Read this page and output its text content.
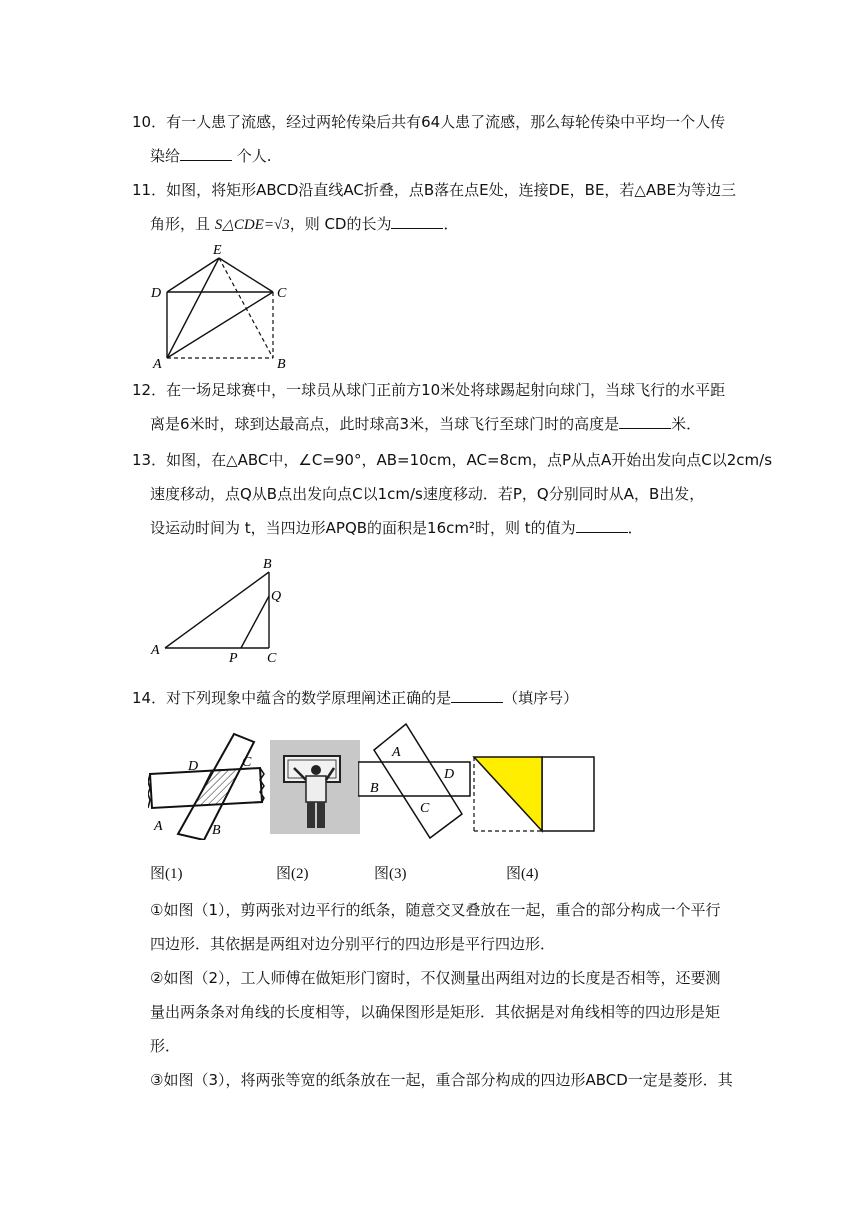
10．有一人患了流感，经过两轮传染后共有64人患了流感，那么每轮传染中平均一个人传
染给	个人.
11．如图，将矩形ABCD沿直线AC折叠，点B落在点E处，连接DE，BE，若△ABE为等边三
角形，且 S△CDE=√3，则 CD的长为	．
E
D	C
A	B
12．在一场足球赛中，一球员从球门正前方10米处将球踢起射向球门，当球飞行的水平距
离是6米时，球到达最高点，此时球高3米，当球飞行至球门时的高度是	米．
13．如图，在△ABC中，∠C=90°，AB=10cm，AC=8cm，点P从点A开始出发向点C以2cm/s
速度移动，点Q从B点出发向点C以1cm/s速度移动．若P，Q分别同时从A，B出发，
设运动时间为 t，当四边形APQB的面积是16cm²时，则 t的值为	．
B
Q
A
P C
14．对下列现象中蕴含的数学原理阐述正确的是	（填序号）
D	C
A	B
A
D
B
C
图(1)	图(2)	图(3)	图(4)
①如图（1），剪两张对边平行的纸条，随意交叉叠放在一起，重合的部分构成一个平行
四边形．其依据是两组对边分别平行的四边形是平行四边形．
②如图（2），工人师傅在做矩形门窗时，不仅测量出两组对边的长度是否相等，还要测
量出两条条对角线的长度相等，以确保图形是矩形．其依据是对角线相等的四边形是矩
形．
③如图（3），将两张等宽的纸条放在一起，重合部分构成的四边形ABCD一定是菱形．其
